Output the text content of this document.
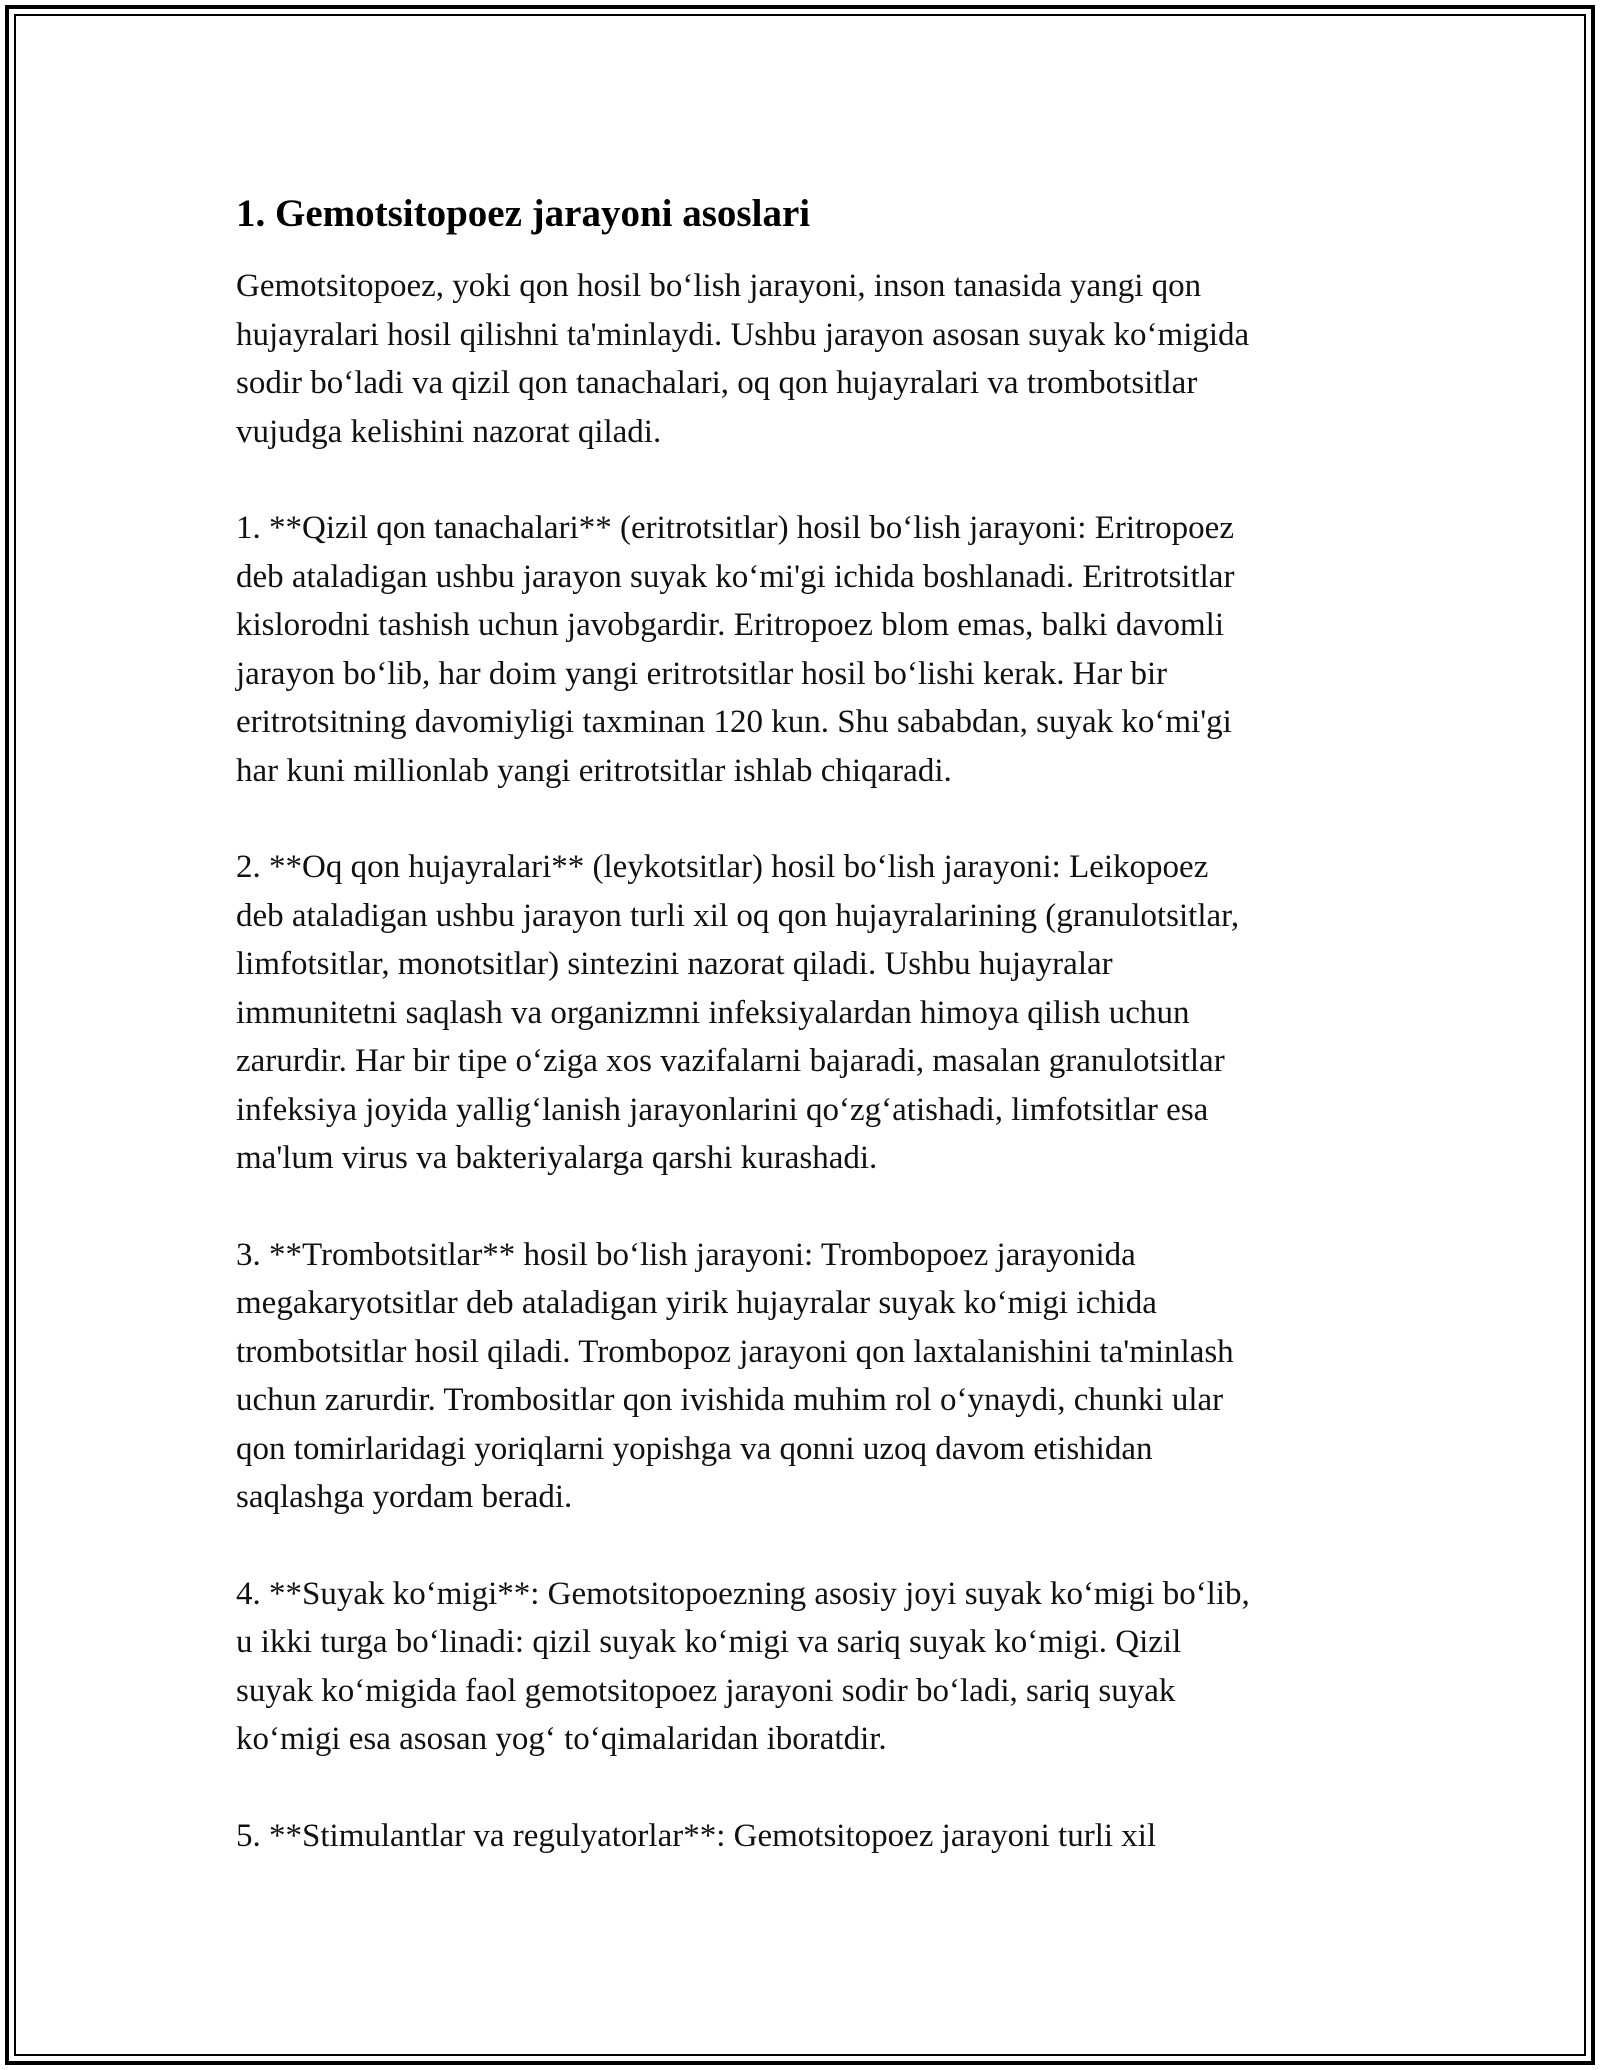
1. Gemotsitopoez jarayoni asoslari

Gemotsitopoez, yoki qon hosil bo‘lish jarayoni, inson tanasida yangi qon
hujayralari hosil qilishni ta'minlaydi. Ushbu jarayon asosan suyak ko‘migida
sodir bo‘ladi va qizil qon tanachalari, oq qon hujayralari va trombotsitlar
vujudga kelishini nazorat qiladi.

1. **Qizil qon tanachalari** (eritrotsitlar) hosil bo‘lish jarayoni: Eritropoez
deb ataladigan ushbu jarayon suyak ko‘mi'gi ichida boshlanadi. Eritrotsitlar
kislorodni tashish uchun javobgardir. Eritropoez blom emas, balki davomli
jarayon bo‘lib, har doim yangi eritrotsitlar hosil bo‘lishi kerak. Har bir
eritrotsitning davomiyligi taxminan 120 kun. Shu sababdan, suyak ko‘mi'gi
har kuni millionlab yangi eritrotsitlar ishlab chiqaradi.

2. **Oq qon hujayralari** (leykotsitlar) hosil bo‘lish jarayoni: Leikopoez
deb ataladigan ushbu jarayon turli xil oq qon hujayralarining (granulotsitlar,
limfotsitlar, monotsitlar) sintezini nazorat qiladi. Ushbu hujayralar
immunitetni saqlash va organizmni infeksiyalardan himoya qilish uchun
zarurdir. Har bir tipe o‘ziga xos vazifalarni bajaradi, masalan granulotsitlar
infeksiya joyida yallig‘lanish jarayonlarini qo‘zg‘atishadi, limfotsitlar esa
ma'lum virus va bakteriyalarga qarshi kurashadi.

3. **Trombotsitlar** hosil bo‘lish jarayoni: Trombopoez jarayonida
megakaryotsitlar deb ataladigan yirik hujayralar suyak ko‘migi ichida
trombotsitlar hosil qiladi. Trombopoz jarayoni qon laxtalanishini ta'minlash
uchun zarurdir. Trombositlar qon ivishida muhim rol o‘ynaydi, chunki ular
qon tomirlaridagi yoriqlarni yopishga va qonni uzoq davom etishidan
saqlashga yordam beradi.

4. **Suyak ko‘migi**: Gemotsitopoezning asosiy joyi suyak ko‘migi bo‘lib,
u ikki turga bo‘linadi: qizil suyak ko‘migi va sariq suyak ko‘migi. Qizil
suyak ko‘migida faol gemotsitopoez jarayoni sodir bo‘ladi, sariq suyak
ko‘migi esa asosan yog‘ to‘qimalaridan iboratdir.

5. **Stimulantlar va regulyatorlar**: Gemotsitopoez jarayoni turli xil
